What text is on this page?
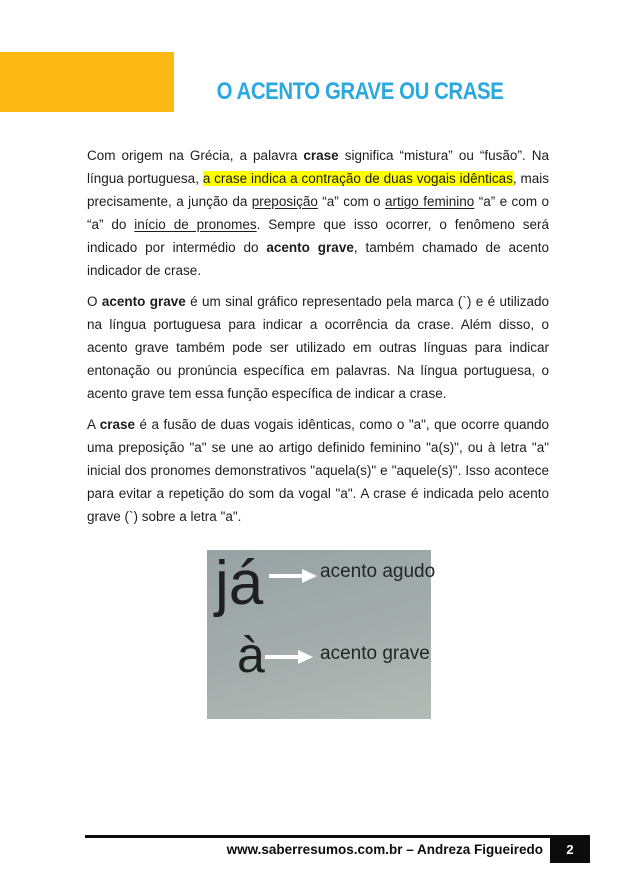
O ACENTO GRAVE OU CRASE

Com origem na Grécia, a palavra crase significa “mistura” ou “fusão”. Na língua portuguesa, a crase indica a contração de duas vogais idênticas, mais precisamente, a junção da preposição “a” com o artigo feminino “a” e com o “a” do início de pronomes. Sempre que isso ocorrer, o fenômeno será indicado por intermédio do acento grave, também chamado de acento indicador de crase.

O acento grave é um sinal gráfico representado pela marca (`) e é utilizado na língua portuguesa para indicar a ocorrência da crase. Além disso, o acento grave também pode ser utilizado em outras línguas para indicar entonação ou pronúncia específica em palavras. Na língua portuguesa, o acento grave tem essa função específica de indicar a crase.

A crase é a fusão de duas vogais idênticas, como o "a", que ocorre quando uma preposição "a" se une ao artigo definido feminino "a(s)", ou à letra "a" inicial dos pronomes demonstrativos "aquela(s)" e "aquele(s)". Isso acontece para evitar a repetição do som da vogal "a". A crase é indicada pelo acento grave (`) sobre a letra "a".

já	acento agudo
à	acento grave
www.saberresumos.com.br – Andreza Figueiredo	2
